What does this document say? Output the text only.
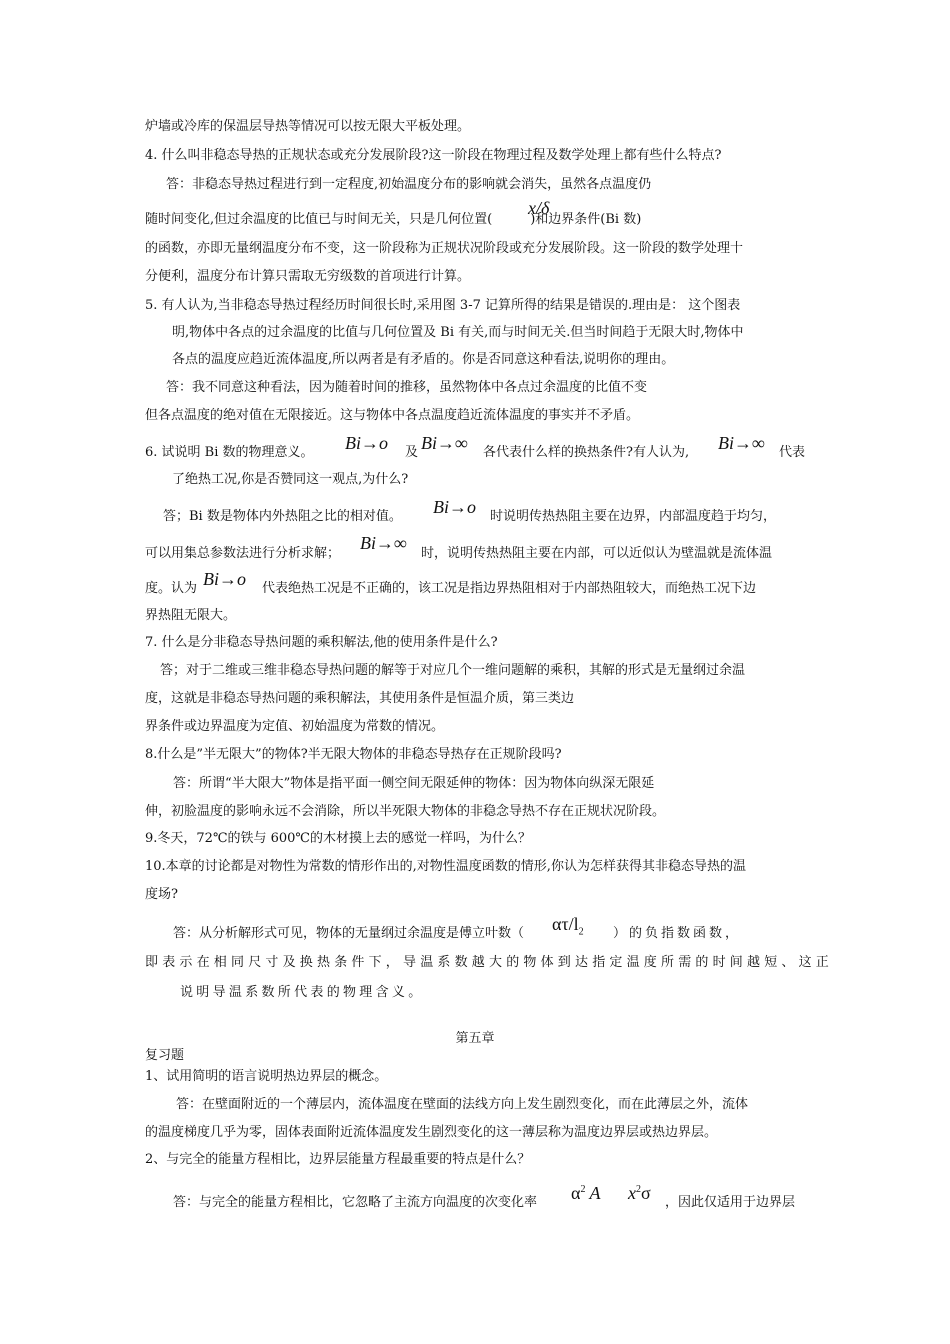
炉墙或冷库的保温层导热等情况可以按无限大平板处理。

4. 什么叫非稳态导热的正规状态或充分发展阶段?这一阶段在物理过程及数学处理上都有些什么特点?

答：非稳态导热过程进行到一定程度,初始温度分布的影响就会消失，虽然各点温度仍

随时间变化,但过余温度的比值已与时间无关，只是几何位置(	)和边界条件(Bi 数)

x/δ

的函数，亦即无量纲温度分布不变，这一阶段称为正规状况阶段或充分发展阶段。这一阶段的数学处理十

分便利，温度分布计算只需取无穷级数的首项进行计算。

5. 有人认为,当非稳态导热过程经历时间很长时,采用图 3-7 记算所得的结果是错误的.理由是： 这个图表

明,物体中各点的过余温度的比值与几何位置及 Bi 有关,而与时间无关.但当时间趋于无限大时,物体中

各点的温度应趋近流体温度,所以两者是有矛盾的。你是否同意这种看法,说明你的理由。

答：我不同意这种看法，因为随着时间的推移，虽然物体中各点过余温度的比值不变

但各点温度的绝对值在无限接近。这与物体中各点温度趋近流体温度的事实并不矛盾。

6. 试说明 Bi 数的物理意义。 Bi→o 及 Bi→∞ 各代表什么样的换热条件?有人认为, Bi→∞ 代表

了绝热工况,你是否赞同这一观点,为什么?

答；Bi 数是物体内外热阻之比的相对值。 Bi→o 时说明传热热阻主要在边界，内部温度趋于均匀，

可以用集总参数法进行分析求解；

Bi→∞
时，说明传热热阻主要在内部，可以近似认为壁温就是流体温

度。认为 Bi→o 代表绝热工况是不正确的，该工况是指边界热阻相对于内部热阻较大，而绝热工况下边

界热阻无限大。

7. 什么是分非稳态导热问题的乘积解法,他的使用条件是什么?

答；对于二维或三维非稳态导热问题的解等于对应几个一维问题解的乘积，其解的形式是无量纲过余温

度，这就是非稳态导热问题的乘积解法，其使用条件是恒温介质，第三类边

界条件或边界温度为定值、初始温度为常数的情况。

8.什么是”半无限大”的物体?半无限大物体的非稳态导热存在正规阶段吗?

答：所谓“半大限大”物体是指平面一侧空间无限延伸的物体：因为物体向纵深无限延

伸，初脸温度的影响永远不会消除，所以半死限大物体的非稳念导热不存在正规状况阶段。

9.冬天，72℃的铁与 600℃的木材摸上去的感觉一样吗，为什么？

10.本章的讨论都是对物性为常数的情形作出的,对物性温度函数的情形,你认为怎样获得其非稳态导热的温

度场?

答：从分析解形式可见，物体的无量纲过余温度是傅立叶数（ $\alpha\tau/l_2$ ）的负指数函数，

即表示在相同尺寸及换热条件下，导温系数越大的物体到达指定温度所需的时间越短、这正

说明导温系数所代表的物理含义。

第五章

复习题

1、试用简明的语言说明热边界层的概念。

答：在壁面附近的一个薄层内，流体温度在壁面的法线方向上发生剧烈变化，而在此薄层之外，流体

的温度梯度几乎为零，固体表面附近流体温度发生剧烈变化的这一薄层称为温度边界层或热边界层。

2、与完全的能量方程相比，边界层能量方程最重要的特点是什么？

答：与完全的能量方程相比，它忽略了主流方向温度的次变化率 $\alpha^2$ A $x^2\sigma$ ，因此仅适用于边界层
